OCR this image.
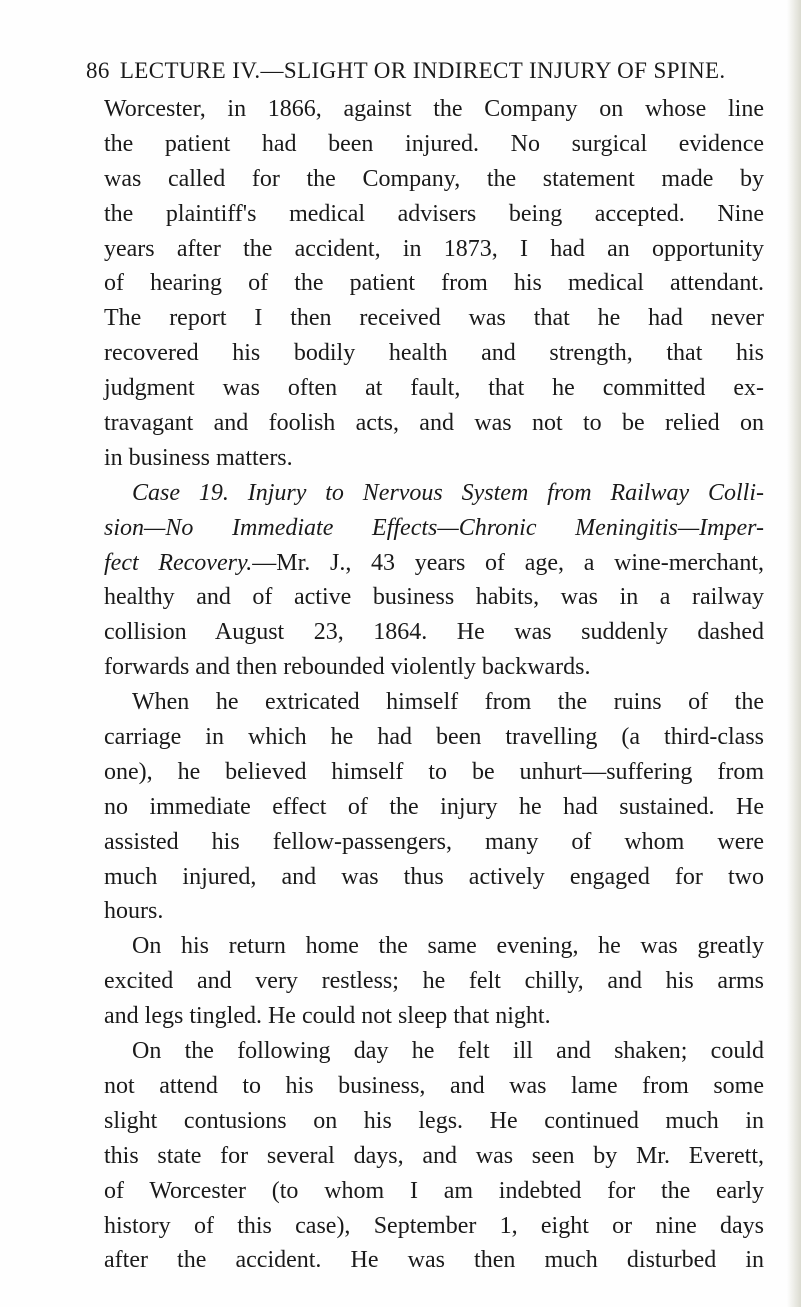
86 LECTURE IV.—SLIGHT OR INDIRECT INJURY OF SPINE.
Worcester, in 1866, against the Company on whose line
the patient had been injured. No surgical evidence
was called for the Company, the statement made by
the plaintiff's medical advisers being accepted. Nine
years after the accident, in 1873, I had an opportunity
of hearing of the patient from his medical attendant.
The report I then received was that he had never
recovered his bodily health and strength, that his
judgment was often at fault, that he committed ex-
travagant and foolish acts, and was not to be relied on
in business matters.
Case 19. Injury to Nervous System from Railway Colli-
sion—No Immediate Effects—Chronic Meningitis—Imper-
fect Recovery.—Mr. J., 43 years of age, a wine-merchant,
healthy and of active business habits, was in a railway
collision August 23, 1864. He was suddenly dashed
forwards and then rebounded violently backwards.
When he extricated himself from the ruins of the
carriage in which he had been travelling (a third-class
one), he believed himself to be unhurt—suffering from
no immediate effect of the injury he had sustained. He
assisted his fellow-passengers, many of whom were
much injured, and was thus actively engaged for two
hours.
On his return home the same evening, he was greatly
excited and very restless; he felt chilly, and his arms
and legs tingled. He could not sleep that night.
On the following day he felt ill and shaken; could
not attend to his business, and was lame from some
slight contusions on his legs. He continued much in
this state for several days, and was seen by Mr. Everett,
of Worcester (to whom I am indebted for the early
history of this case), September 1, eight or nine days
after the accident. He was then much disturbed in
